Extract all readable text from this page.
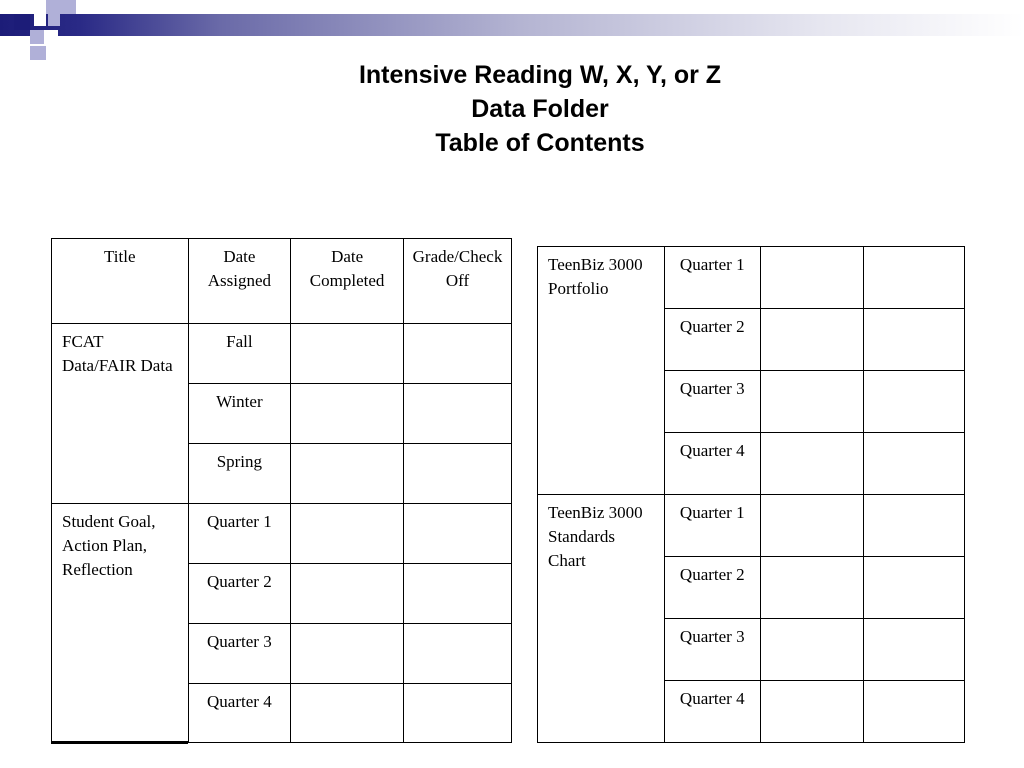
Intensive Reading W, X, Y, or Z
Data Folder
Table of Contents
Title	Date Assigned	Date Completed	Grade/Check Off
FCAT Data/FAIR Data	Fall		
	Winter		
	Spring		
Student Goal, Action Plan, Reflection	Quarter 1		
	Quarter 2		
	Quarter 3		
	Quarter 4		
TeenBiz 3000 Portfolio	Quarter 1		
	Quarter 2		
	Quarter 3		
	Quarter 4		
TeenBiz 3000 Standards Chart	Quarter 1		
	Quarter 2		
	Quarter 3		
	Quarter 4		
